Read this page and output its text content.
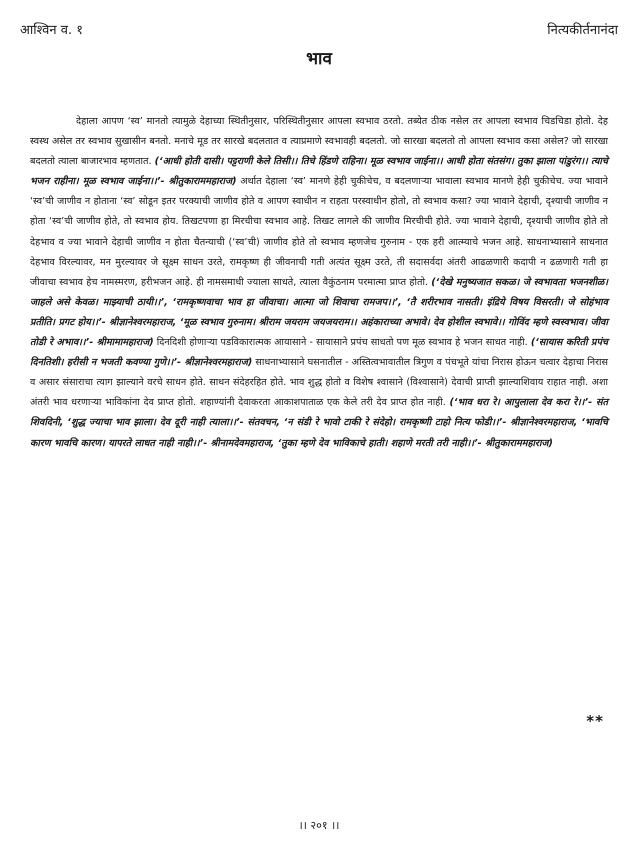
आश्विन व. १	नित्यकीर्तनानंदा
भाव
देहाला आपण ‘स्व’ मानतो त्यामुळे देहाच्या स्थितीनुसार, परिस्थितीनुसार आपला स्वभाव ठरतो. तब्येत ठीक नसेल तर आपला स्वभाव चिडचिडा होतो. देह स्वस्थ असेल तर स्वभाव सुखासीन बनतो. मनाचे मूड तर सारखे बदलतात व त्याप्रमाणे स्वभावही बदलतो. जो सारखा बदलतो तो आपला स्वभाव कसा असेल? जो सारखा बदलतो त्याला बाजारभाव म्हणतात. (‘आधी होती दासी। पट्टराणी केले तिसी।। तिचे हिंडणे राहिना। मूळ स्वभाव जाईना।। आधी होता संतसंग। तुका झाला पांडुरंग।। त्याचे भजन राहीना। मूळ स्वभाव जाईना।।’- श्रीतुकाराममहाराज) अर्थात देहाला ‘स्व’ मानणे हेही चुकीचेच, व बदलणाऱ्या भावाला स्वभाव मानणे हेही चुकीचेच. ज्या भावाने ‘स्व’ची जाणीव न होताना ‘स्व’ सोडून इतर परक्याची जाणीव होते व आपण स्वाधीन न राहता परस्वाधीन होतो, तो स्वभाव कसा? ज्या भावाने देहाची, दृश्याची जाणीव न होता ‘स्व’ची जाणीव होते, तो स्वभाव होय. तिखटपणा हा मिरचीचा स्वभाव आहे. तिखट लागले की जाणीव मिरचीची होते. ज्या भावाने देहाची, दृश्याची जाणीव होते तो देहभाव व ज्या भावाने देहाची जाणीव न होता चैतन्याची (‘स्व’ची) जाणीव होते तो स्वभाव म्हणजेच गुरुनाम - एक हरी आत्म्याचे भजन आहे. साधनाभ्यासाने साधनात देहभाव विरल्यावर, मन मुरल्यावर जे सूक्ष्म साधन उरते, रामकृष्ण ही जीवनाची गती अत्यंत सूक्ष्म उरते, ती सदासर्वदा अंतरी आढळणारी कदापी न ढळणारी गती हा जीवाचा स्वभाव हेच नामस्मरण, हरीभजन आहे. ही नामसमाधी ज्याला साधते, त्याला वैकुंठनाम परमात्मा प्राप्त होतो. (‘देखे मनुष्यजात सकळ। जे स्वभावता भजनशीळ। जाहले असे केवळ। माझ्याची ठायी।।’, ‘रामकृष्णवाचा भाव हा जीवाचा। आत्मा जो शिवाचा रामजप।।’, ‘तै शरीरभाव नासती। इंद्रिये विषय विसरती। जे सोहंभाव प्रतीति। प्रगट होय।।’- श्रीज्ञानेश्वरमहाराज, ‘मूळ स्वभाव गुरुनाम। श्रीराम जयराम जयजयराम।। अहंकाराच्या अभावे। देव होशील स्वभावे।। गोविंद म्हणे स्वस्वभाव। जीवा तोडी रे अभाव।।’- श्रीमामामहाराज) दिनदिशी होणाऱ्या पडविकारात्मक आयासाने - सायासाने प्रपंच साधतो पण मूळ स्वभाव हे भजन साधत नाही. (‘सायास करिती प्रपंच दिनतिशी। हरीसी न भजती कवण्या गुणे।।’- श्रीज्ञानेश्वरमहाराज) साधनाभ्यासाने घसनातील - अस्तित्वभावातील त्रिगुण व पंचभूते यांचा निरास होऊन चत्वार देहाचा निरास व असार संसाराचा त्याग झाल्याने वरचे साधन होते. साधन संदेहरहित होते. भाव शुद्ध होतो व विशेष श्वासाने (विश्वासाने) देवाची प्राप्ती झाल्याशिवाय राहात नाही. अशा अंतरी भाव धरणाऱ्या भाविकांना देव प्राप्त होतो. शहाण्यांनी देवाकरता आकाशपाताळ एक केले तरी देव प्राप्त होत नाही. (‘भाव धरा रे। आपुलाला देव करा रे।।’- संत शिवदिनी, ‘शुद्ध ज्याचा भाव झाला। देव दूरी नाही त्याला।।’- संतवचन, ‘न संडी रे भावो टाकी रे संदेहो। रामकृष्णी टाहो नित्य फोडी।।’- श्रीज्ञानेश्वरमहाराज, ‘भावचि कारण भावचि कारण। यापरते लाधत नाही नाही।।’- श्रीनामदेवमहाराज, ‘तुका म्हणे देव भाविकाचे हाती। शहाणे मरती तरी नाही।।’- श्रीतुकाराममहाराज)
**
।। २०१ ।।
